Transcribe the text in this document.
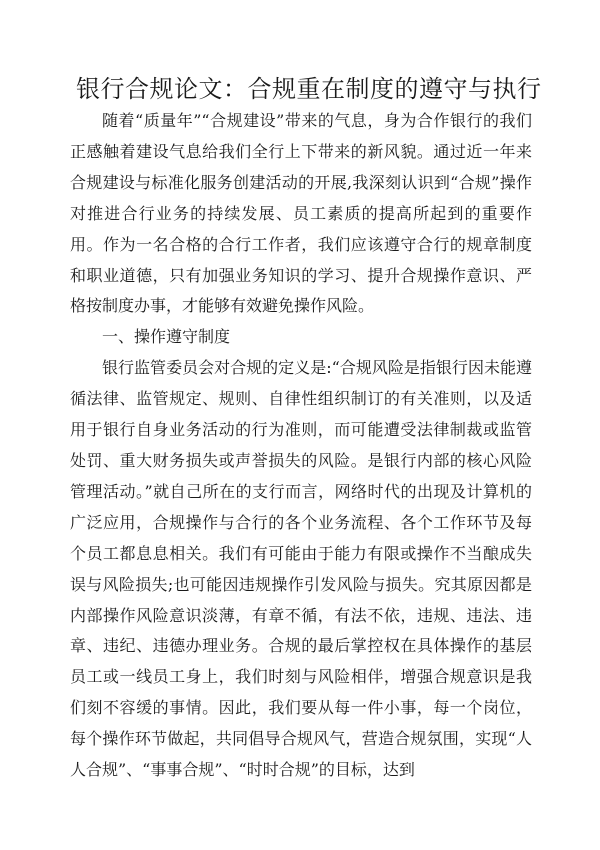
银行合规论文：合规重在制度的遵守与执行

随着“质量年”“合规建设”带来的气息，身为合作银行的我们正感触着建设气息给我们全行上下带来的新风貌。通过近一年来合规建设与标准化服务创建活动的开展,我深刻认识到“合规”操作对推进合行业务的持续发展、员工素质的提高所起到的重要作用。作为一名合格的合行工作者，我们应该遵守合行的规章制度和职业道德，只有加强业务知识的学习、提升合规操作意识、严格按制度办事，才能够有效避免操作风险。

一、操作遵守制度

银行监管委员会对合规的定义是:“合规风险是指银行因未能遵循法律、监管规定、规则、自律性组织制订的有关准则，以及适用于银行自身业务活动的行为准则，而可能遭受法律制裁或监管处罚、重大财务损失或声誉损失的风险。是银行内部的核心风险管理活动。”就自己所在的支行而言，网络时代的出现及计算机的广泛应用，合规操作与合行的各个业务流程、各个工作环节及每个员工都息息相关。我们有可能由于能力有限或操作不当酿成失误与风险损失;也可能因违规操作引发风险与损失。究其原因都是内部操作风险意识淡薄，有章不循，有法不依，违规、违法、违章、违纪、违德办理业务。合规的最后掌控权在具体操作的基层员工或一线员工身上，我们时刻与风险相伴，增强合规意识是我们刻不容缓的事情。因此，我们要从每一件小事，每一个岗位，每个操作环节做起，共同倡导合规风气，营造合规氛围，实现“人人合规”、“事事合规”、“时时合规”的目标，达到
